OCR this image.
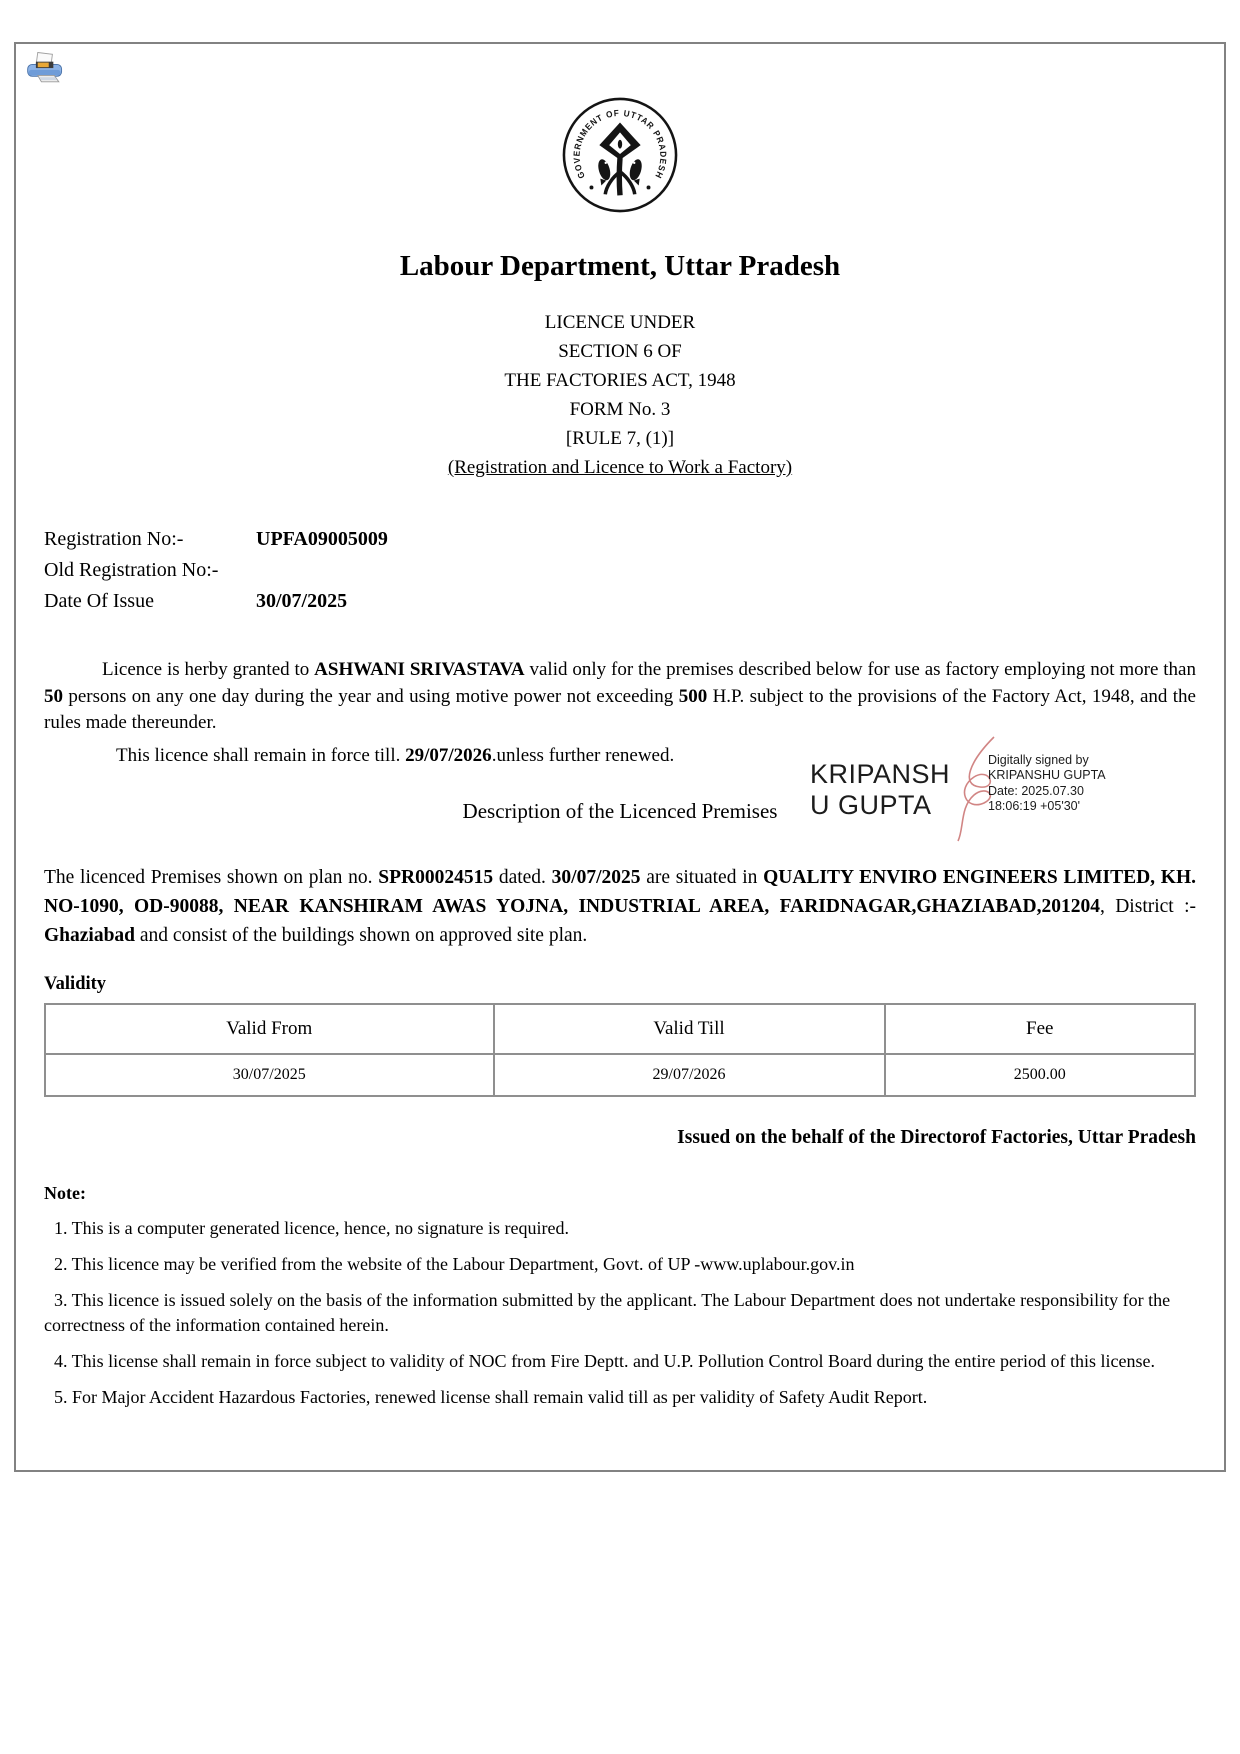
GOVERNMENT OF UTTAR PRADESH
Labour Department, Uttar Pradesh
LICENCE UNDER
SECTION 6 OF
THE FACTORIES ACT, 1948
FORM No. 3
[RULE 7, (1)]
(Registration and Licence to Work a Factory)
Registration No:-	UPFA09005009
Old Registration No:-
Date Of Issue	30/07/2025

Licence is herby granted to ASHWANI SRIVASTAVA valid only for the premises described below for use as factory employing not more than 50 persons on any one day during the year and using motive power not exceeding 500 H.P. subject to the provisions of the Factory Act, 1948, and the rules made thereunder.

This licence shall remain in force till. 29/07/2026.unless further renewed.

Description of the Licenced Premises
KRIPANSH
U GUPTA
Digitally signed by
KRIPANSHU GUPTA
Date: 2025.07.30
18:06:19 +05'30'

The licenced Premises shown on plan no. SPR00024515 dated. 30/07/2025 are situated in QUALITY ENVIRO ENGINEERS LIMITED, KH. NO-1090, OD-90088, NEAR KANSHIRAM AWAS YOJNA, INDUSTRIAL AREA, FARIDNAGAR,GHAZIABAD,201204, District :- Ghaziabad and consist of the buildings shown on approved site plan.

Validity
Valid From	Valid Till	Fee
30/07/2025	29/07/2026	2500.00
Issued on the behalf of the Directorof Factories, Uttar Pradesh
Note:
1. This is a computer generated licence, hence, no signature is required.
2. This licence may be verified from the website of the Labour Department, Govt. of UP -www.uplabour.gov.in
3. This licence is issued solely on the basis of the information submitted by the applicant. The Labour Department does not undertake responsibility for the correctness of the information contained herein.
4. This license shall remain in force subject to validity of NOC from Fire Deptt. and U.P. Pollution Control Board during the entire period of this license.
5. For Major Accident Hazardous Factories, renewed license shall remain valid till as per validity of Safety Audit Report.
